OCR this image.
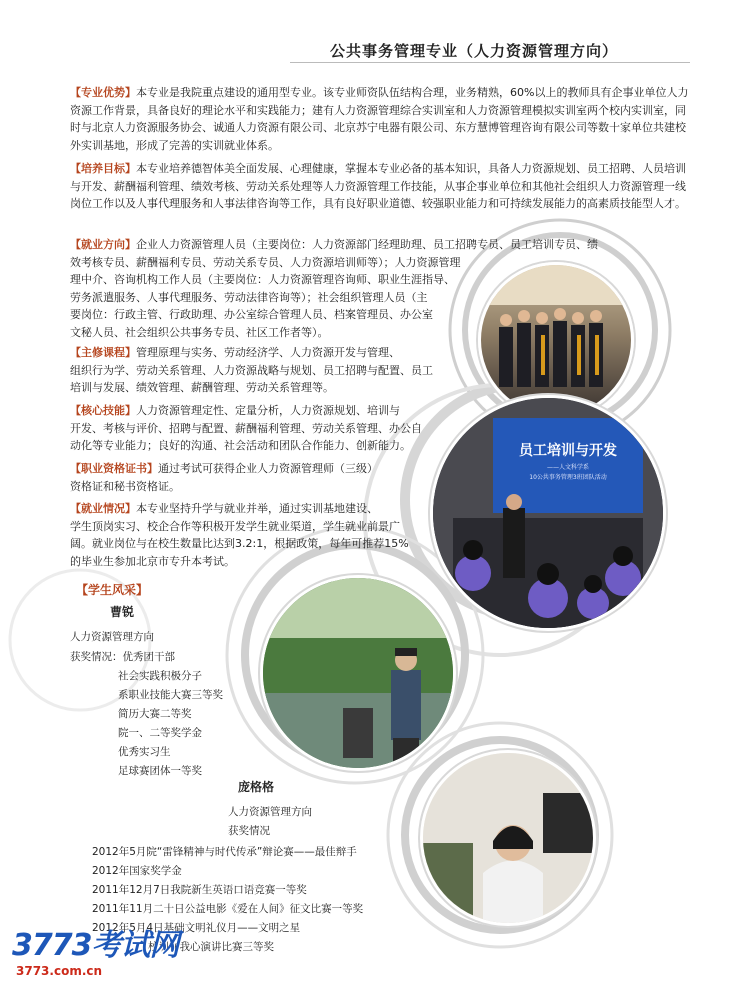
公共事务管理专业（人力资源管理方向）
【专业优势】本专业是我院重点建设的通用型专业。该专业师资队伍结构合理，业务精熟，60%以上的教师具有企事业单位人力资源工作背景，具备良好的理论水平和实践能力；建有人力资源管理综合实训室和人力资源管理模拟实训室两个校内实训室，同时与北京人力资源服务协会、诚通人力资源有限公司、北京苏宁电器有限公司、东方慧博管理咨询有限公司等数十家单位共建校外实训基地，形成了完善的实训就业体系。
【培养目标】本专业培养德智体美全面发展、心理健康，掌握本专业必备的基本知识，具备人力资源规划、员工招聘、人员培训与开发、薪酬福利管理、绩效考核、劳动关系处理等人力资源管理工作技能，从事企事业单位和其他社会组织人力资源管理一线岗位工作以及人事代理服务和人事法律咨询等工作，具有良好职业道德、较强职业能力和可持续发展能力的高素质技能型人才。
【就业方向】企业人力资源管理人员（主要岗位：人力资源部门经理助理、员工招聘专员、员工培训专员、绩
效考核专员、薪酬福利专员、劳动关系专员、人力资源培训师等）；人力资源管理
理中介、咨询机构工作人员（主要岗位：人力资源管理咨询师、职业生涯指导、
劳务派遣服务、人事代理服务、劳动法律咨询等）；社会组织管理人员（主
要岗位：行政主管、行政助理、办公室综合管理人员、档案管理员、办公室
文秘人员、社会组织公共事务专员、社区工作者等）。
【主修课程】管理原理与实务、劳动经济学、人力资源开发与管理、
组织行为学、劳动关系管理、人力资源战略与规划、员工招聘与配置、员工
培训与发展、绩效管理、薪酬管理、劳动关系管理等。
【核心技能】人力资源管理定性、定量分析，人力资源规划、培训与
开发、考核与评价、招聘与配置、薪酬福利管理、劳动关系管理、办公自
动化等专业能力；良好的沟通、社会活动和团队合作能力、创新能力。
【职业资格证书】通过考试可获得企业人力资源管理师（三级）
资格证和秘书资格证。
【就业情况】本专业坚持升学与就业并举，通过实训基地建设、
学生顶岗实习、校企合作等积极开发学生就业渠道，学生就业前景广
阔。就业岗位与在校生数量比达到3.2:1，根据政策，每年可推荐15%
的毕业生参加北京市专升本考试。
【学生风采】
曹锐
人力资源管理方向
获奖情况：优秀团干部
社会实践积极分子
系职业技能大赛三等奖
简历大赛二等奖
院一、二等奖学金
优秀实习生
足球赛团体一等奖
庞格格
人力资源管理方向
获奖情况
2012年5月院“雷锋精神与时代传承”辩论赛——最佳辩手
2012年国家奖学金
2011年12月7日我院新生英语口语竞赛一等奖
2011年11月二十日公益电影《爱在人间》征文比赛一等奖
2012年5月4日基础文明礼仪月——文明之星
校训在我心演讲比赛三等奖
员工培训与开发
——人文科学系
10公共事务管理3班团队活动
3773考试网
3773.com.cn
